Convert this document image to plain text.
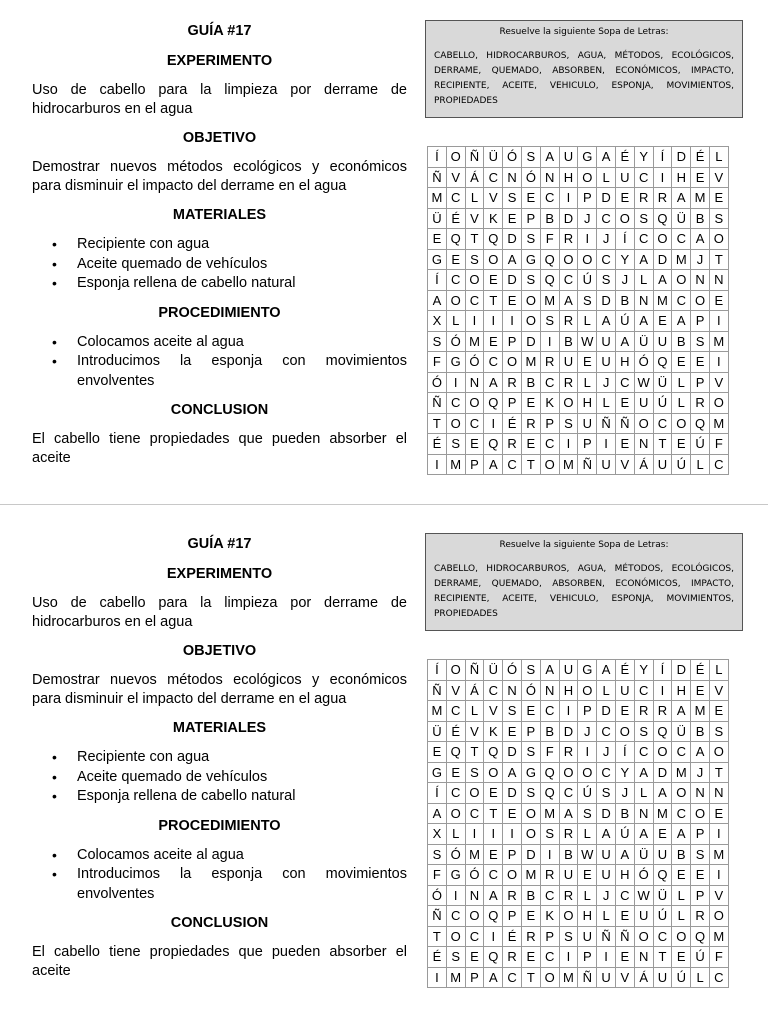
GUÍA #17
EXPERIMENTO

Uso de cabello para la limpieza por derrame de hidrocarburos en el agua

OBJETIVO

Demostrar nuevos métodos ecológicos y económicos para disminuir el impacto del derrame en el agua

MATERIALES
• Recipiente con agua
• Aceite quemado de vehículos
• Esponja rellena de cabello natural
PROCEDIMIENTO
• Colocamos aceite al agua
• Introducimos la esponja con movimientos envolventes
CONCLUSION

El cabello tiene propiedades que pueden absorber el aceite

Resuelve la siguiente Sopa de Letras:
CABELLO, HIDROCARBUROS, AGUA, MÉTODOS, ECOLÓGICOS, DERRAME, QUEMADO, ABSORBEN, ECONÓMICOS, IMPACTO, RECIPIENTE, ACEITE, VEHICULO, ESPONJA, MOVIMIENTOS, PROPIEDADES
Í	O	Ñ	Ü	Ó	S	A	U	G	A	É	Y	Í	D	É	L
Ñ	V	Á	C	N	Ó	N	H	O	L	U	C	I	H	E	V
M	C	L	V	S	E	C	I	P	D	E	R	R	A	M	E
Ü	É	V	K	E	P	B	D	J	C	O	S	Q	Ü	B	S
E	Q	T	Q	D	S	F	R	I	J	Í	C	O	C	A	O
G	E	S	O	A	G	Q	O	O	C	Y	A	D	M	J	T
Í	C	O	E	D	S	Q	C	Ú	S	J	L	A	O	N	N
A	O	C	T	E	O	M	A	S	D	B	N	M	C	O	E
X	L	I	I	I	O	S	R	L	A	Ú	A	E	A	P	I
S	Ó	M	E	P	D	I	B	W	U	A	Ü	U	B	S	M
F	G	Ó	C	O	M	R	U	E	U	H	Ó	Q	E	E	I
Ó	I	N	A	R	B	C	R	L	J	C	W	Ü	L	P	V
Ñ	C	O	Q	P	E	K	O	H	L	E	U	Ú	L	R	O
T	O	C	I	É	R	P	S	U	Ñ	Ñ	O	C	O	Q	M
É	S	E	Q	R	E	C	I	P	I	E	N	T	E	Ú	F
I	M	P	A	C	T	O	M	Ñ	U	V	Á	U	Ú	L	C
GUÍA #17
EXPERIMENTO

Uso de cabello para la limpieza por derrame de hidrocarburos en el agua

OBJETIVO

Demostrar nuevos métodos ecológicos y económicos para disminuir el impacto del derrame en el agua

MATERIALES
• Recipiente con agua
• Aceite quemado de vehículos
• Esponja rellena de cabello natural
PROCEDIMIENTO
• Colocamos aceite al agua
• Introducimos la esponja con movimientos envolventes
CONCLUSION

El cabello tiene propiedades que pueden absorber el aceite

Resuelve la siguiente Sopa de Letras:
CABELLO, HIDROCARBUROS, AGUA, MÉTODOS, ECOLÓGICOS, DERRAME, QUEMADO, ABSORBEN, ECONÓMICOS, IMPACTO, RECIPIENTE, ACEITE, VEHICULO, ESPONJA, MOVIMIENTOS, PROPIEDADES
Í	O	Ñ	Ü	Ó	S	A	U	G	A	É	Y	Í	D	É	L
Ñ	V	Á	C	N	Ó	N	H	O	L	U	C	I	H	E	V
M	C	L	V	S	E	C	I	P	D	E	R	R	A	M	E
Ü	É	V	K	E	P	B	D	J	C	O	S	Q	Ü	B	S
E	Q	T	Q	D	S	F	R	I	J	Í	C	O	C	A	O
G	E	S	O	A	G	Q	O	O	C	Y	A	D	M	J	T
Í	C	O	E	D	S	Q	C	Ú	S	J	L	A	O	N	N
A	O	C	T	E	O	M	A	S	D	B	N	M	C	O	E
X	L	I	I	I	O	S	R	L	A	Ú	A	E	A	P	I
S	Ó	M	E	P	D	I	B	W	U	A	Ü	U	B	S	M
F	G	Ó	C	O	M	R	U	E	U	H	Ó	Q	E	E	I
Ó	I	N	A	R	B	C	R	L	J	C	W	Ü	L	P	V
Ñ	C	O	Q	P	E	K	O	H	L	E	U	Ú	L	R	O
T	O	C	I	É	R	P	S	U	Ñ	Ñ	O	C	O	Q	M
É	S	E	Q	R	E	C	I	P	I	E	N	T	E	Ú	F
I	M	P	A	C	T	O	M	Ñ	U	V	Á	U	Ú	L	C
